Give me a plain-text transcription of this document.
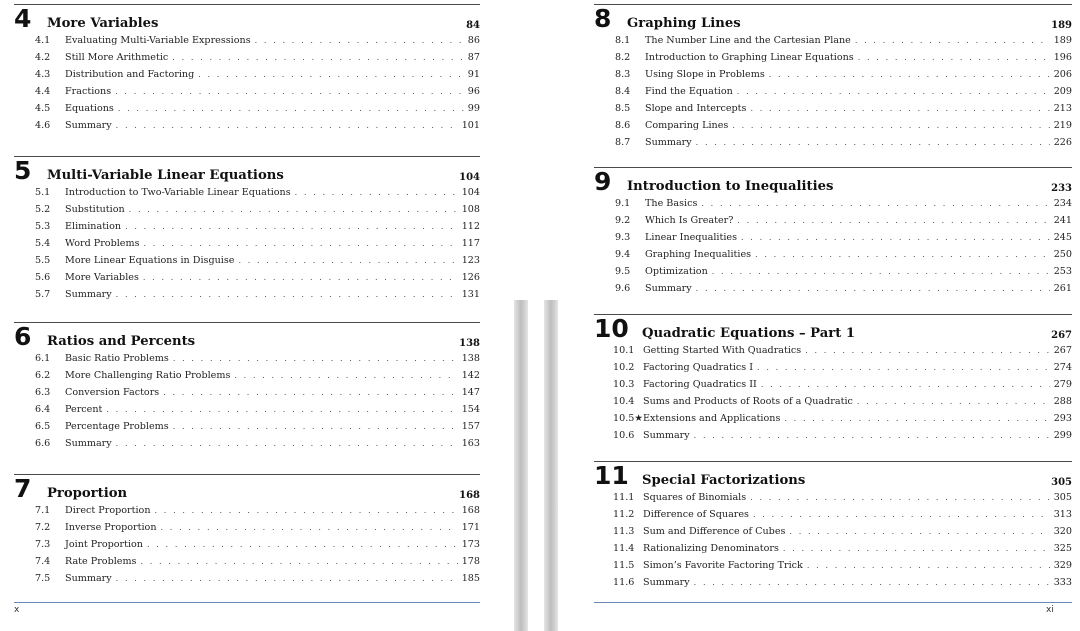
4 More Variables	84
4.1	Evaluating Multi-Variable Expressions . . .	86
4.2	Still More Arithmetic . . .	87
4.3	Distribution and Factoring . . .	91
4.4	Fractions . . .	96
4.5	Equations . . .	99
4.6	Summary . . .	101
5 Multi-Variable Linear Equations	104
5.1	Introduction to Two-Variable Linear Equations . . .	104
5.2	Substitution . . .	108
5.3	Elimination . . .	112
5.4	Word Problems . . .	117
5.5	More Linear Equations in Disguise . . .	123
5.6	More Variables . . .	126
5.7	Summary . . .	131
6 Ratios and Percents	138
6.1	Basic Ratio Problems . . .	138
6.2	More Challenging Ratio Problems . . .	142
6.3	Conversion Factors . . .	147
6.4	Percent . . .	154
6.5	Percentage Problems . . .	157
6.6	Summary . . .	163
7 Proportion	168
7.1	Direct Proportion . . .	168
7.2	Inverse Proportion . . .	171
7.3	Joint Proportion . . .	173
7.4	Rate Problems . . .	178
7.5	Summary . . .	185
x
8 Graphing Lines	189
8.1	The Number Line and the Cartesian Plane . . .	189
8.2	Introduction to Graphing Linear Equations . . .	196
8.3	Using Slope in Problems . . .	206
8.4	Find the Equation . . .	209
8.5	Slope and Intercepts . . .	213
8.6	Comparing Lines . . .	219
8.7	Summary . . .	226
9 Introduction to Inequalities	233
9.1	The Basics . . .	234
9.2	Which Is Greater? . . .	241
9.3	Linear Inequalities . . .	245
9.4	Graphing Inequalities . . .	250
9.5	Optimization . . .	253
9.6	Summary . . .	261
10 Quadratic Equations – Part 1	267
10.1 Getting Started With Quadratics . . .	267
10.2 Factoring Quadratics I . . .	274
10.3 Factoring Quadratics II . . .	279
10.4 Sums and Products of Roots of a Quadratic . . .	288
10.5★ Extensions and Applications . . .	293
10.6 Summary . . .	299
11 Special Factorizations	305
11.1 Squares of Binomials . . .	305
11.2 Difference of Squares . . .	313
11.3 Sum and Difference of Cubes . . .	320
11.4 Rationalizing Denominators . . .	325
11.5 Simon’s Favorite Factoring Trick . . .	329
11.6 Summary . . .	333
xi
